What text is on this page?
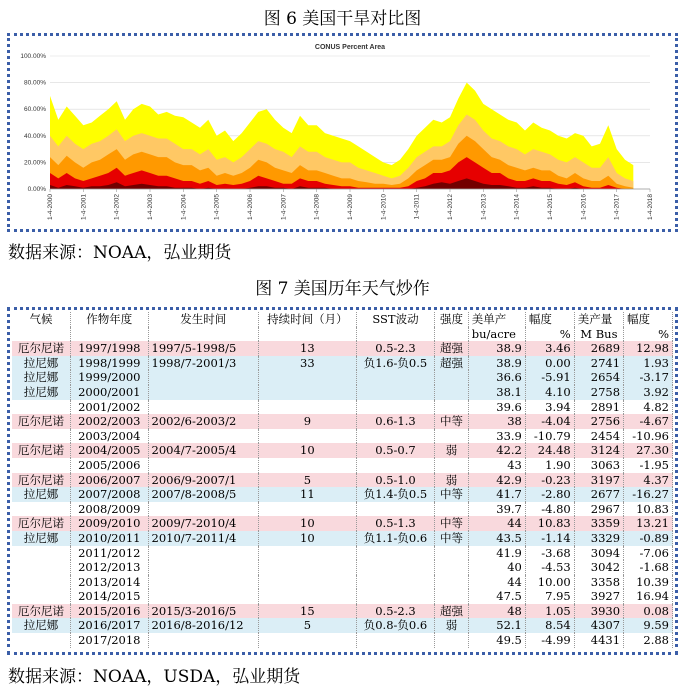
图 6 美国干旱对比图
CONUS Percent Area
0.00%
20.00%
40.00%
60.00%
80.00%
100.00%
1-4-2000	1-4-2001	1-4-2002	1-4-2003	1-4-2004	1-4-2005	1-4-2006	1-4-2007	1-4-2008	1-4-2009	1-4-2010	1-4-2011	1-4-2012	1-4-2013	1-4-2014	1-4-2015	1-4-2016	1-4-2017	1-4-2018
数据来源：NOAA，弘业期货
图 7 美国历年天气炒作
气候	作物年度	发生时间	持续时间（月）	SST波动	强度	美单产	幅度	美产量	幅度
						bu/acre	%	M Bus	%
厄尔尼诺	1997/1998	1997/5-1998/5	13	0.5-2.3	超强	38.9	3.46	2689	12.98
拉尼娜	1998/1999	1998/7-2001/3	33	负1.6-负0.5	超强	38.9	0.00	2741	1.93
拉尼娜	1999/2000					36.6	-5.91	2654	-3.17
拉尼娜	2000/2001					38.1	4.10	2758	3.92
	2001/2002					39.6	3.94	2891	4.82
厄尔尼诺	2002/2003	2002/6-2003/2	9	0.6-1.3	中等	38	-4.04	2756	-4.67
	2003/2004					33.9	-10.79	2454	-10.96
厄尔尼诺	2004/2005	2004/7-2005/4	10	0.5-0.7	弱	42.2	24.48	3124	27.30
	2005/2006					43	1.90	3063	-1.95
厄尔尼诺	2006/2007	2006/9-2007/1	5	0.5-1.0	弱	42.9	-0.23	3197	4.37
拉尼娜	2007/2008	2007/8-2008/5	11	负1.4-负0.5	中等	41.7	-2.80	2677	-16.27
	2008/2009					39.7	-4.80	2967	10.83
厄尔尼诺	2009/2010	2009/7-2010/4	10	0.5-1.3	中等	44	10.83	3359	13.21
拉尼娜	2010/2011	2010/7-2011/4	10	负1.1-负0.6	中等	43.5	-1.14	3329	-0.89
	2011/2012					41.9	-3.68	3094	-7.06
	2012/2013					40	-4.53	3042	-1.68
	2013/2014					44	10.00	3358	10.39
	2014/2015					47.5	7.95	3927	16.94
厄尔尼诺	2015/2016	2015/3-2016/5	15	0.5-2.3	超强	48	1.05	3930	0.08
拉尼娜	2016/2017	2016/8-2016/12	5	负0.8-负0.6	弱	52.1	8.54	4307	9.59
	2017/2018					49.5	-4.99	4431	2.88
数据来源：NOAA，USDA，弘业期货
